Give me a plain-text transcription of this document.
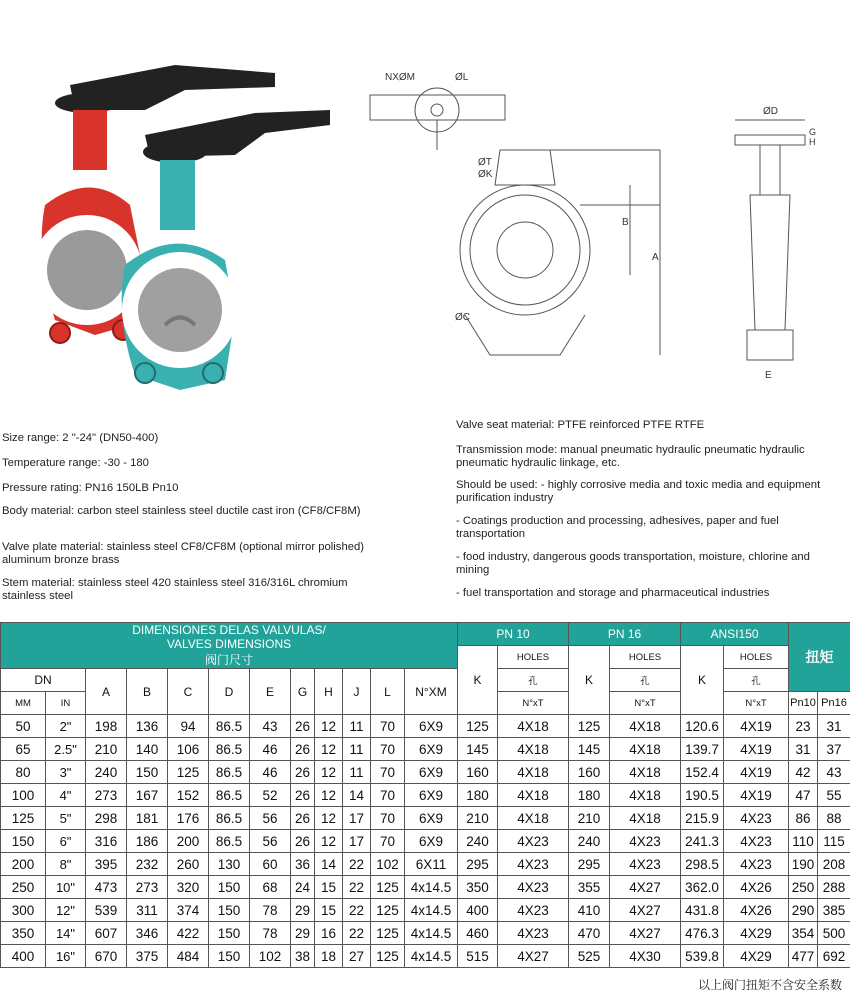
NXØM	ØL
ØT
ØK
B
A
ØC
ØD
H
G
E

Size range: 2 "-24" (DN50-400)

Temperature range: -30 - 180

Pressure rating: PN16 150LB Pn10

Body material: carbon steel stainless steel ductile cast iron (CF8/CF8M)

Valve plate material: stainless steel CF8/CF8M (optional mirror polished) aluminum bronze brass

Stem material: stainless steel 420 stainless steel 316/316L chromium stainless steel

Valve seat material: PTFE reinforced PTFE RTFE

Transmission mode: manual pneumatic hydraulic pneumatic hydraulic pneumatic hydraulic linkage, etc.

Should be used: - highly corrosive media and toxic media and equipment purification industry

- Coatings production and processing, adhesives, paper and fuel transportation

- food industry, dangerous goods transportation, moisture, chlorine and mining

- fuel transportation and storage and pharmaceutical industries

DIMENSIONES DELAS VALVULAS/
VALVES DIMENSIONS
阀门尺寸												PN 10		PN 16		ANSI150		扭矩	
												K	HOLES	K	HOLES	K	HOLES		
DN		A	B	C	D	E	G	H	J	L	N°XM		孔		孔		孔		
MM	IN												N°xT		N°xT		N°xT	Pn10	Pn16
50	2"	198	136	94	86.5	43	26	12	11	70	6X9	125	4X18	125	4X18	120.6	4X19	23	31
65	2.5"	210	140	106	86.5	46	26	12	11	70	6X9	145	4X18	145	4X18	139.7	4X19	31	37
80	3"	240	150	125	86.5	46	26	12	11	70	6X9	160	4X18	160	4X18	152.4	4X19	42	43
100	4"	273	167	152	86.5	52	26	12	14	70	6X9	180	4X18	180	4X18	190.5	4X19	47	55
125	5"	298	181	176	86.5	56	26	12	17	70	6X9	210	4X18	210	4X18	215.9	4X23	86	88
150	6"	316	186	200	86.5	56	26	12	17	70	6X9	240	4X23	240	4X23	241.3	4X23	110	115
200	8"	395	232	260	130	60	36	14	22	102	6X11	295	4X23	295	4X23	298.5	4X23	190	208
250	10"	473	273	320	150	68	24	15	22	125	4x14.5	350	4X23	355	4X27	362.0	4X26	250	288
300	12"	539	311	374	150	78	29	15	22	125	4x14.5	400	4X23	410	4X27	431.8	4X26	290	385
350	14"	607	346	422	150	78	29	16	22	125	4x14.5	460	4X23	470	4X27	476.3	4X29	354	500
400	16"	670	375	484	150	102	38	18	27	125	4x14.5	515	4X27	525	4X30	539.8	4X29	477	692
以上阀门扭矩不含安全系数
